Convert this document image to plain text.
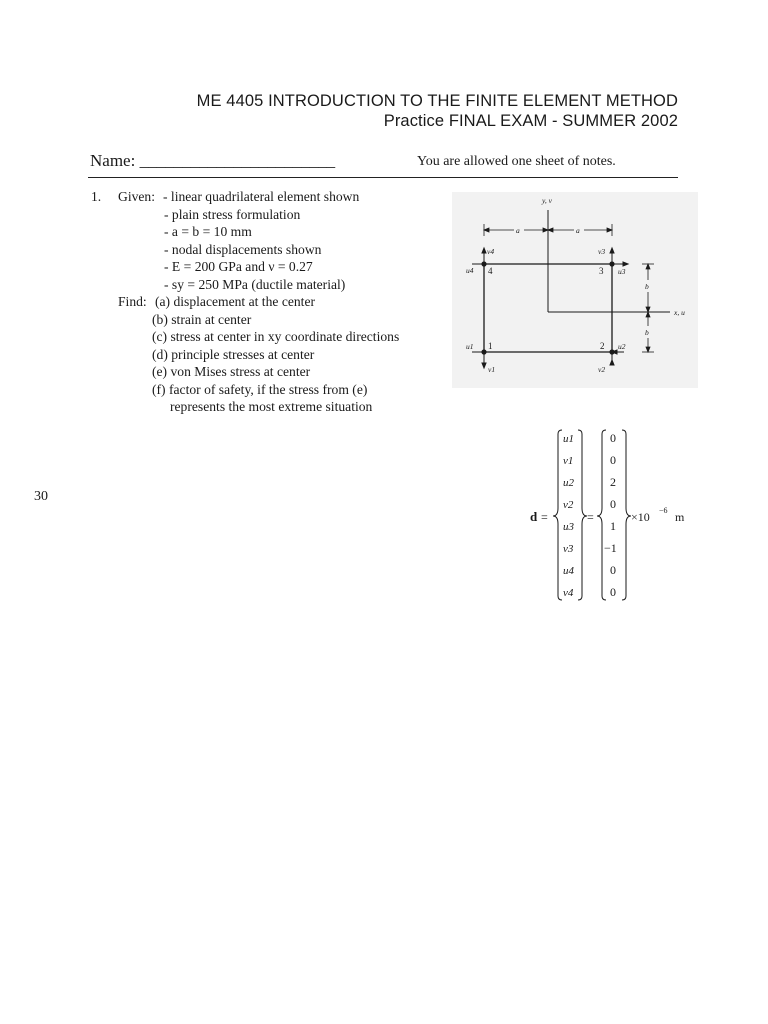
ME 4405 INTRODUCTION TO THE FINITE ELEMENT METHOD
Practice FINAL EXAM - SUMMER 2002
Name: _______________________	You are allowed one sheet of notes.
1. Given: - linear quadrilateral element shown
- plain stress formulation
- a = b = 10 mm
- nodal displacements shown
- E = 200 GPa and ν = 0.27
- sy = 250 MPa (ductile material)
Find: (a) displacement at the center
(b) strain at center
(c) stress at center in xy coordinate directions
(d) principle stresses at center
(e) von Mises stress at center
(f) factor of safety, if the stress from (e)
represents the most extreme situation
30
y, v
x, u
a	a
b
b
4	3
1	2
v4
u4
v3
u3
u1
v1
u2
v2
d =
u1
v1
u2
v2
u3
v3
u4
v4
=
0
0
2
0
1
−1
0
0
×10 −6 m
